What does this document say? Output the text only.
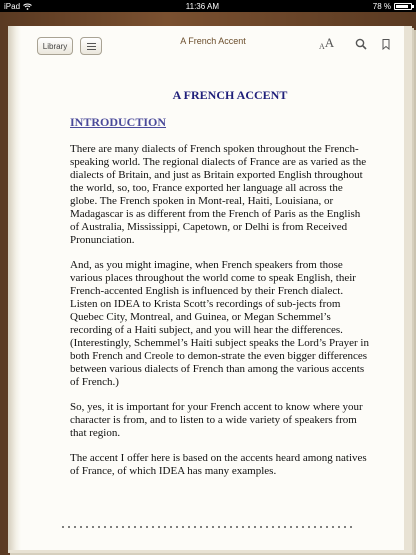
iPad	11:36 AM	78 %
Library	A French Accent
A A
A FRENCH ACCENT
INTRODUCTION

There are many dialects of French spoken throughout the French-speaking world. The regional dialects of France are as varied as the dialects of Britain, and just as Britain exported English throughout the world, so, too, France exported her language all across the globe. The French spoken in Mont-real, Haiti, Louisiana, or Madagascar is as different from the French of Paris as the English of Australia, Mississippi, Capetown, or Delhi is from Received Pronunciation.

And, as you might imagine, when French speakers from those various places throughout the world come to speak English, their French-accented English is influenced by their French dialect. Listen on IDEA to Krista Scott’s recordings of sub-jects from Quebec City, Montreal, and Guinea, or Megan Schemmel’s recording of a Haiti subject, and you will hear the differences. (Interestingly, Schemmel’s Haiti subject speaks the Lord’s Prayer in both French and Creole to demon-strate the even bigger differences between various dialects of French than among the various accents of French.)

So, yes, it is important for your French accent to know where your character is from, and to listen to a wide variety of speakers from that region.

The accent I offer here is based on the accents heard among natives of France, of which IDEA has many examples.
